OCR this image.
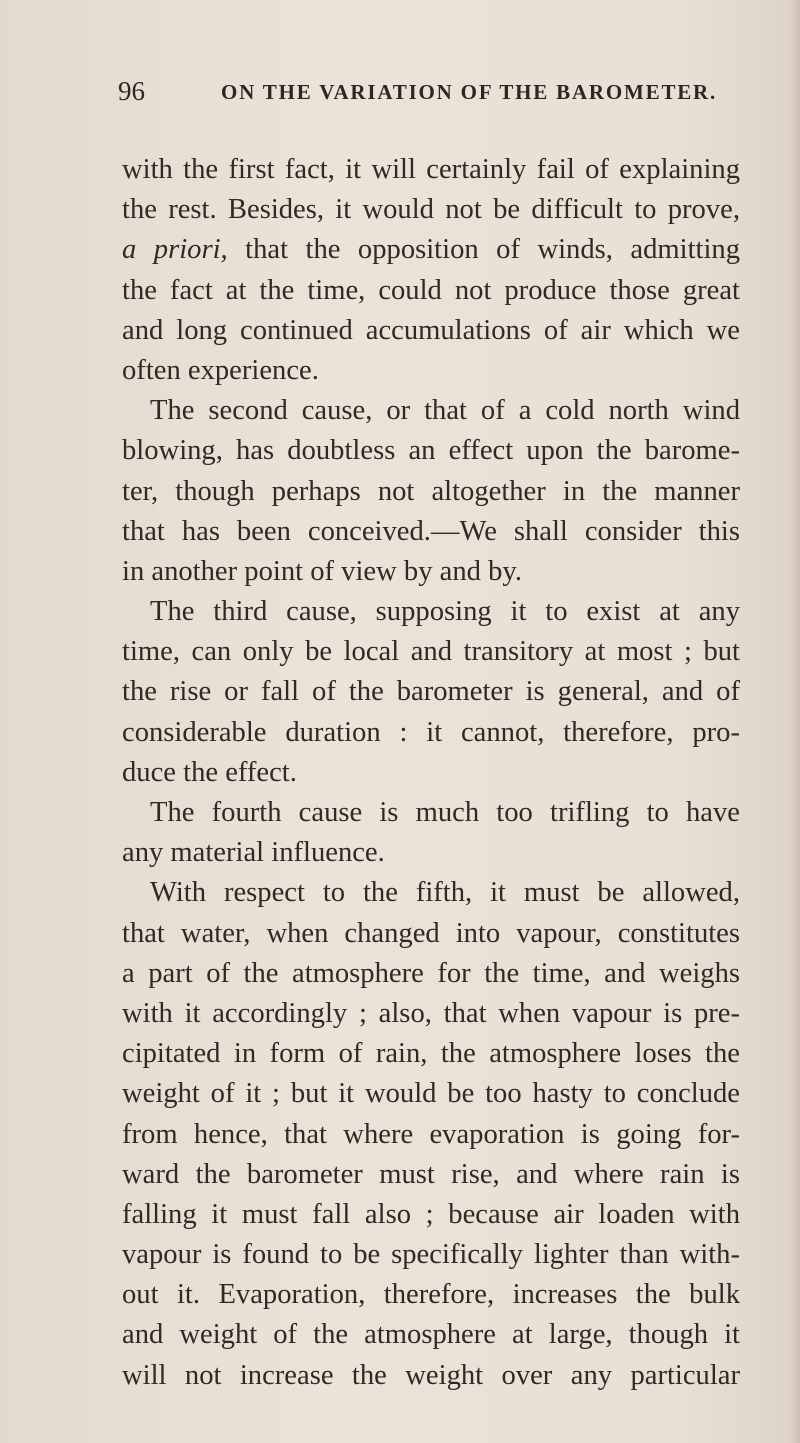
96	ON THE VARIATION OF THE BAROMETER.
with the first fact, it will certainly fail of explaining
the rest. Besides, it would not be difficult to prove,
a priori, that the opposition of winds, admitting
the fact at the time, could not produce those great
and long continued accumulations of air which we
often experience.
The second cause, or that of a cold north wind
blowing, has doubtless an effect upon the barome-
ter, though perhaps not altogether in the manner
that has been conceived.—We shall consider this
in another point of view by and by.
The third cause, supposing it to exist at any
time, can only be local and transitory at most ; but
the rise or fall of the barometer is general, and of
considerable duration : it cannot, therefore, pro-
duce the effect.
The fourth cause is much too trifling to have
any material influence.
With respect to the fifth, it must be allowed,
that water, when changed into vapour, constitutes
a part of the atmosphere for the time, and weighs
with it accordingly ; also, that when vapour is pre-
cipitated in form of rain, the atmosphere loses the
weight of it ; but it would be too hasty to conclude
from hence, that where evaporation is going for-
ward the barometer must rise, and where rain is
falling it must fall also ; because air loaden with
vapour is found to be specifically lighter than with-
out it. Evaporation, therefore, increases the bulk
and weight of the atmosphere at large, though it
will not increase the weight over any particular
